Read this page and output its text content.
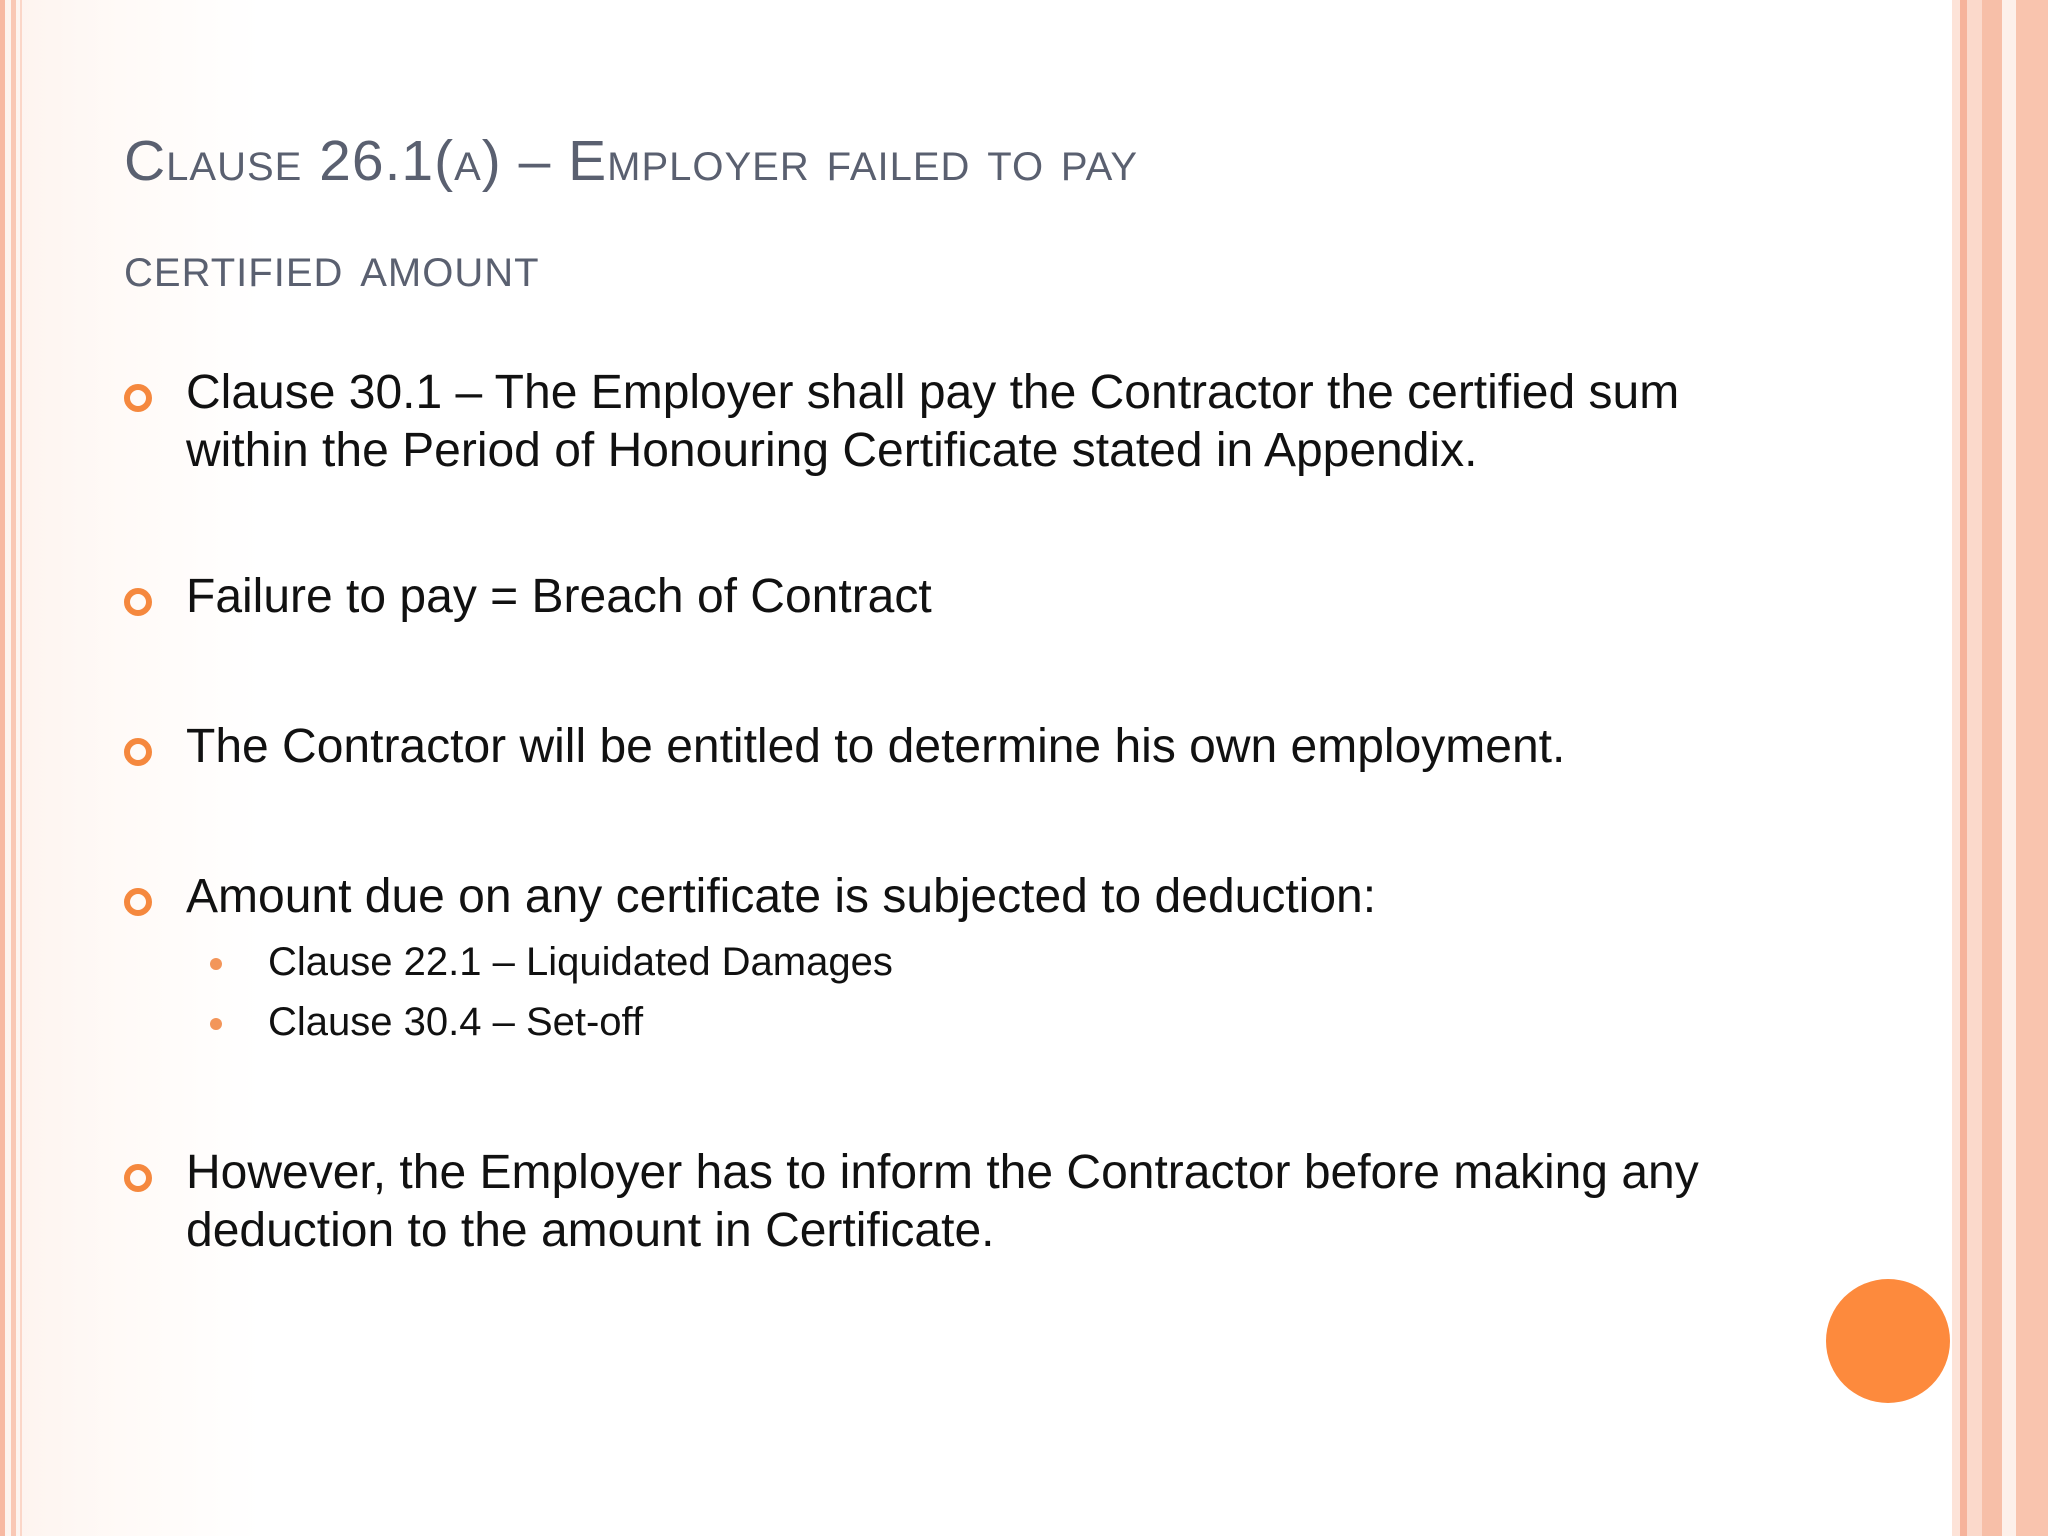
Clause 26.1(a) – Employer failed to pay
certified amount
Clause 30.1 – The Employer shall pay the Contractor the certified sum within the Period of Honouring Certificate stated in Appendix.
Failure to pay = Breach of Contract
The Contractor will be entitled to determine his own employment.
Amount due on any certificate is subjected to deduction:
Clause 22.1 – Liquidated Damages
Clause 30.4 – Set-off
However, the Employer has to inform the Contractor before making any deduction to the amount in Certificate.
